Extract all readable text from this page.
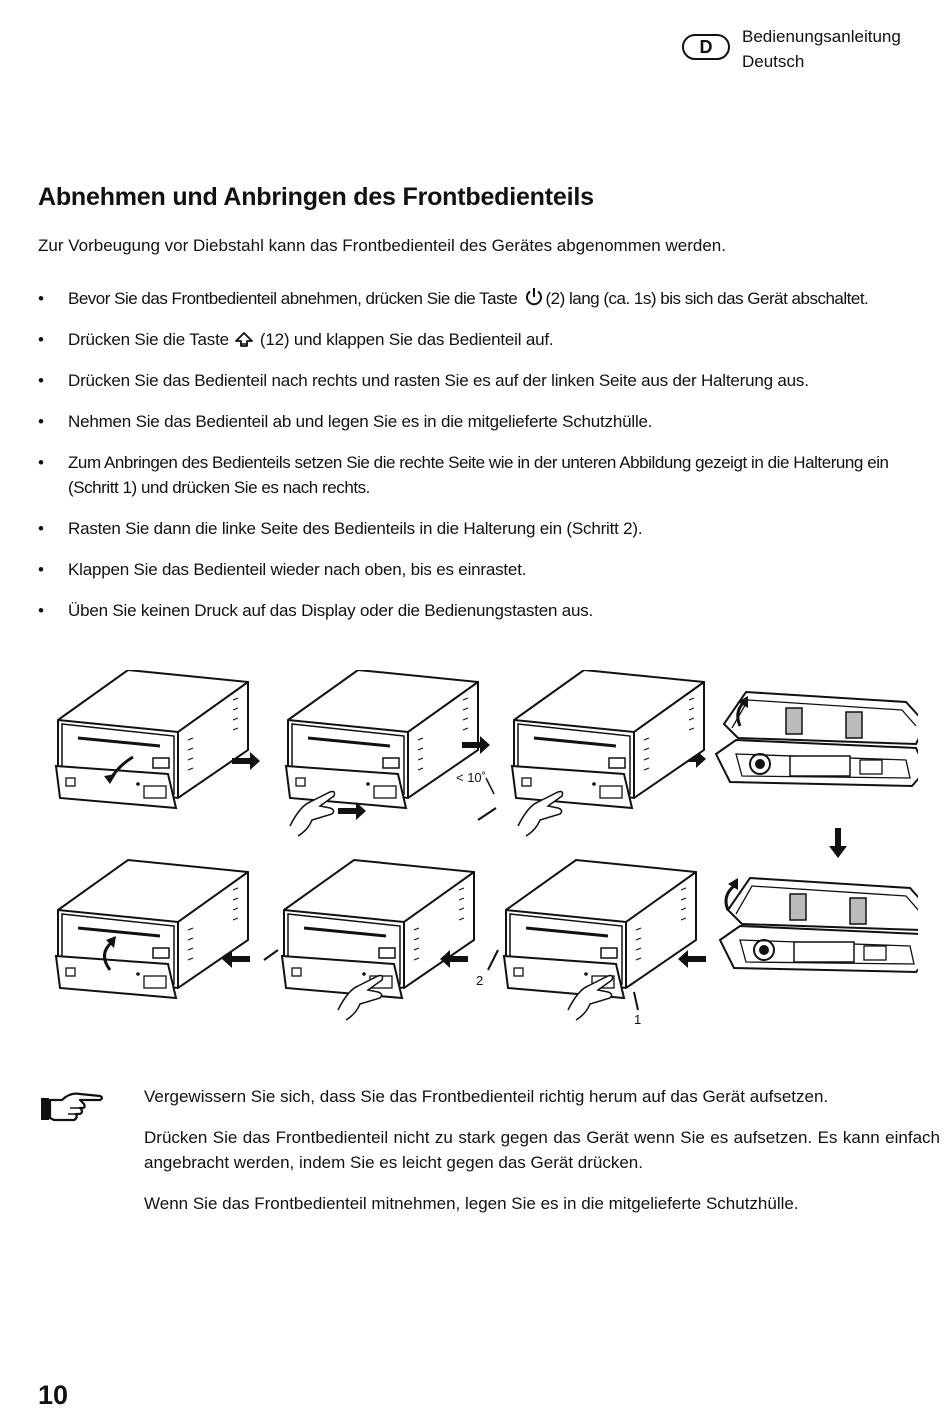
D	Bedienungsanleitung
Deutsch
Abnehmen und Anbringen des Frontbedienteils
Zur Vorbeugung vor Diebstahl kann das Frontbedienteil des Gerätes abgenommen werden.
• Bevor Sie das Frontbedienteil abnehmen, drücken Sie die Taste (2) lang (ca. 1s) bis sich das Gerät abschaltet.
• Drücken Sie die Taste (12) und klappen Sie das Bedienteil auf.
• Drücken Sie das Bedienteil nach rechts und rasten Sie es auf der linken Seite aus der Halterung aus.
• Nehmen Sie das Bedienteil ab und legen Sie es in die mitgelieferte Schutzhülle.
• Zum Anbringen des Bedienteils setzen Sie die rechte Seite wie in der unteren Abbildung gezeigt in die Halterung ein (Schritt 1) und drücken Sie es nach rechts.
• Rasten Sie dann die linke Seite des Bedienteils in die Halterung ein (Schritt 2).
• Klappen Sie das Bedienteil wieder nach oben, bis es einrastet.
• Üben Sie keinen Druck auf das Display oder die Bedienungstasten aus.
< 10˚
2
1

Vergewissern Sie sich, dass Sie das Frontbedienteil richtig herum auf das Gerät aufsetzen.

Drücken Sie das Frontbedienteil nicht zu stark gegen das Gerät wenn Sie es aufsetzen. Es kann einfach angebracht werden, indem Sie es leicht gegen das Gerät drücken.

Wenn Sie das Frontbedienteil mitnehmen, legen Sie es in die mitgelieferte Schutzhülle.

10
